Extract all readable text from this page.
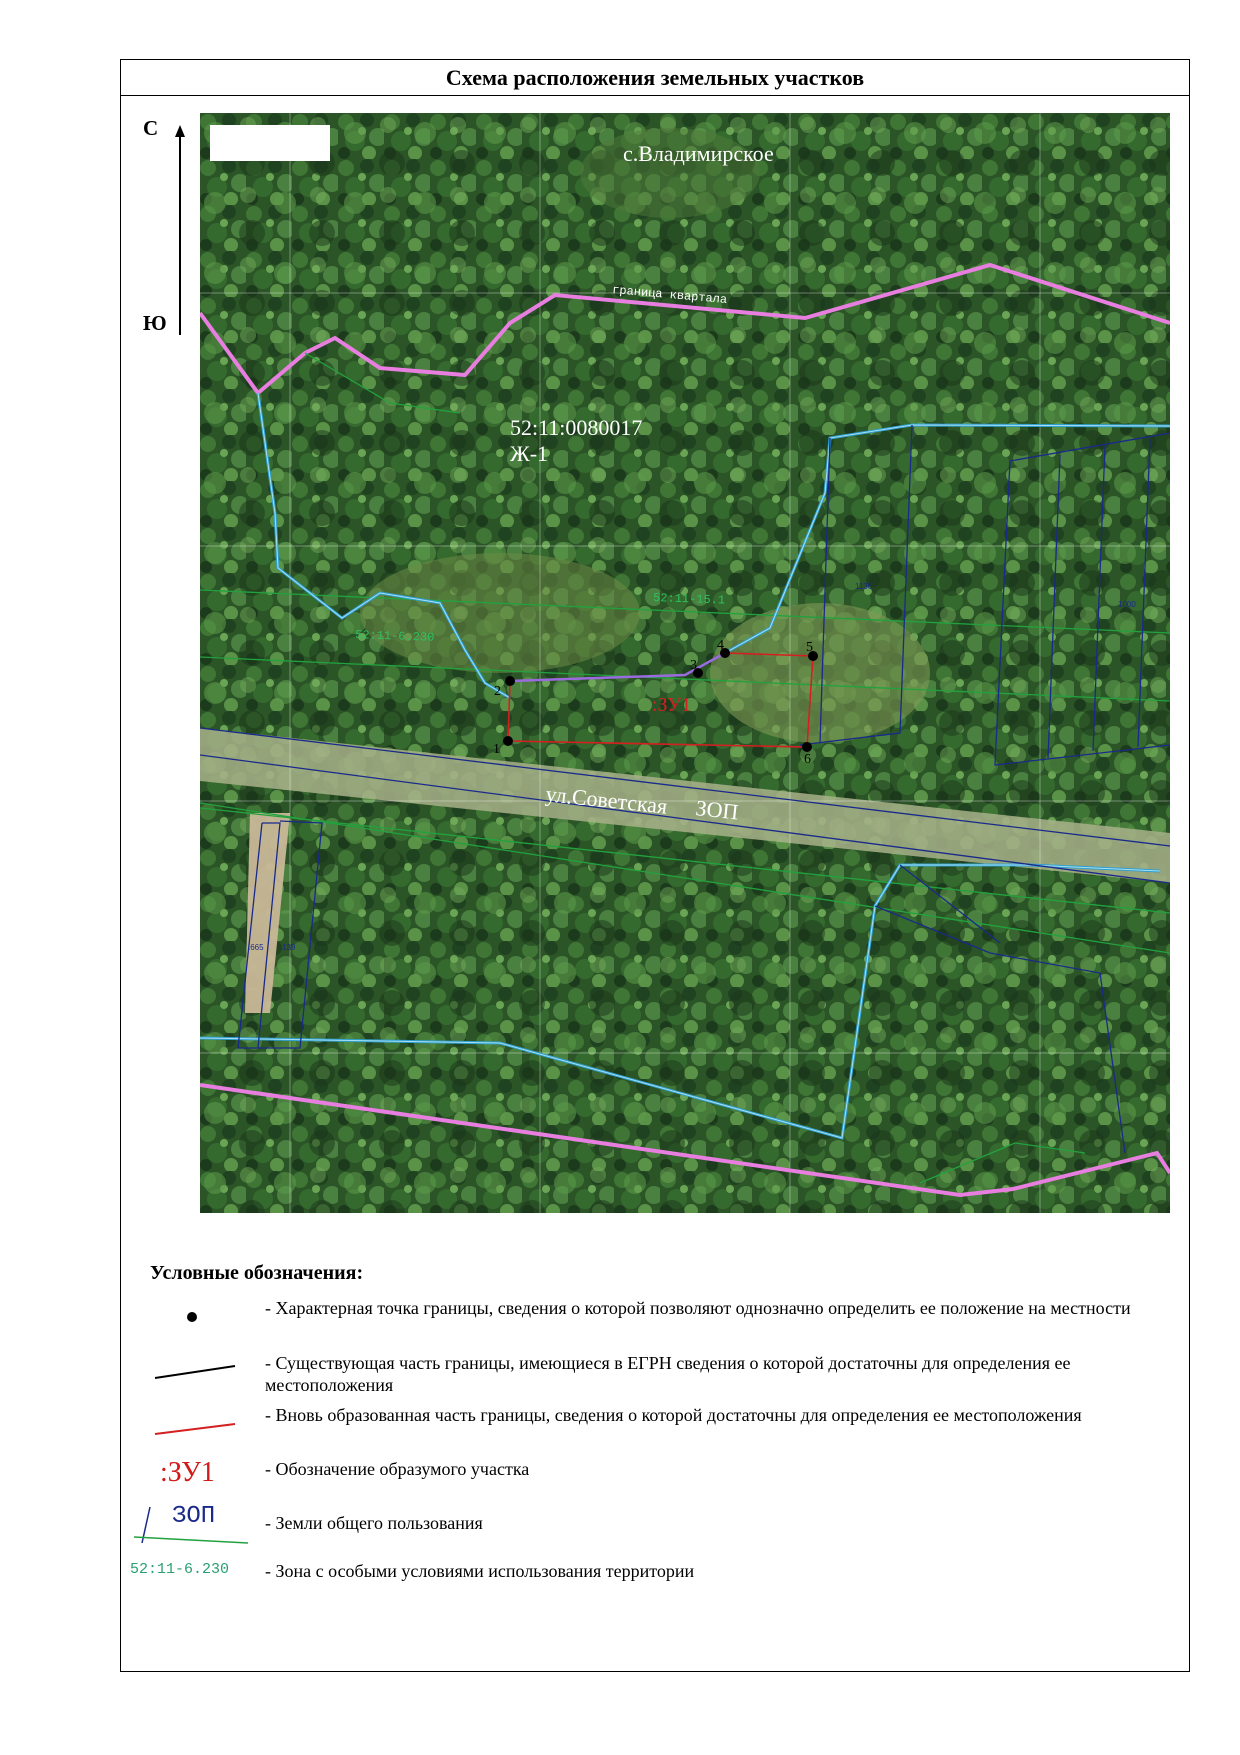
Схема расположения земельных участков
С
Ю
1
2
3
4	5
6
с.Владимирское
52:11:0080017
Ж-1
граница квартала
52:11-15.1
52:11-6.230
:ЗУ1
ул.Советская ЗОП
1136
1000
:665 139
Условные обозначения:
- Характерная точка границы, сведения о которой позволяют однозначно определить ее положение на местности
- Существующая часть границы, имеющиеся в ЕГРН сведения о которой достаточны для определения ее местоположения
- Вновь образованная часть границы, сведения о которой достаточны для определения ее местоположения
:ЗУ1	- Обозначение образумого участка
ЗОП	- Земли общего пользования
52:11-6.230 - Зона с особыми условиями использования территории
